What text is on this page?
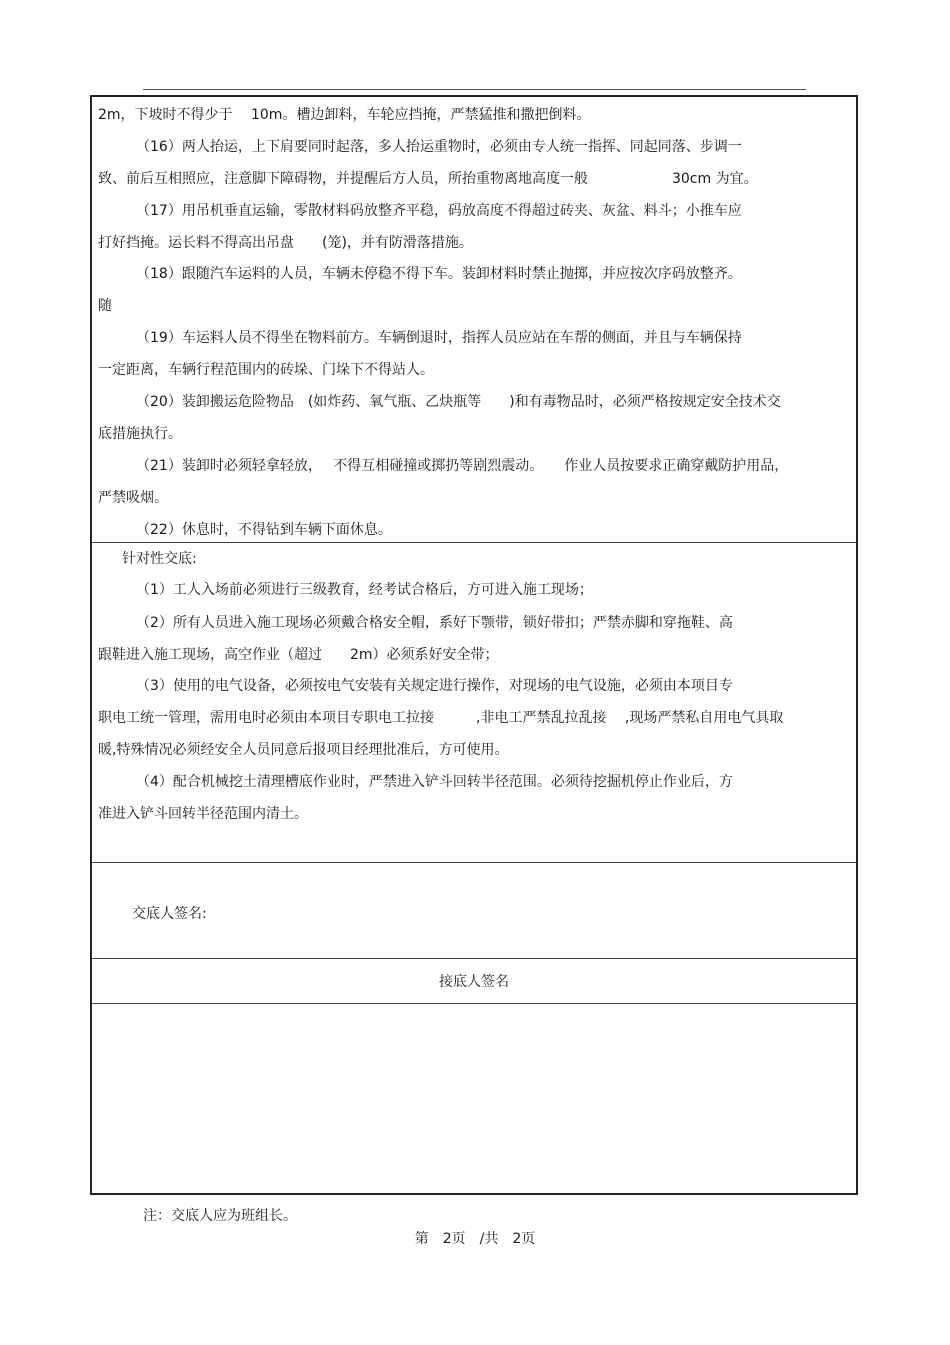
2m，下坡时不得少于　 10m。槽边卸料，车轮应挡掩，严禁猛推和撒把倒料。
（16）两人抬运，上下肩要同时起落，多人抬运重物时，必须由专人统一指挥、同起同落、步调一
致、前后互相照应，注意脚下障碍物，并提醒后方人员，所抬重物离地高度一般　　　　　　30cm 为宜。
（17）用吊机垂直运输，零散材料码放整齐平稳，码放高度不得超过砖夹、灰盆、料斗；小推车应
打好挡掩。运长料不得高出吊盘　　(笼)，并有防滑落措施。
（18）跟随汽车运料的人员，车辆未停稳不得下车。装卸材料时禁止抛掷，并应按次序码放整齐。
随
（19）车运料人员不得坐在物料前方。车辆倒退时，指挥人员应站在车帮的侧面，并且与车辆保持
一定距离，车辆行程范围内的砖垛、门垛下不得站人。
（20）装卸搬运危险物品　(如炸药、氧气瓶、乙炔瓶等　　)和有毒物品时，必须严格按规定安全技术交
底措施执行。
（21）装卸时必须轻拿轻放，　 不得互相碰撞或掷扔等剧烈震动。　　作业人员按要求正确穿戴防护用品，
严禁吸烟。
（22）休息时，不得钻到车辆下面休息。
针对性交底:
（1）工人入场前必须进行三级教育，经考试合格后，方可进入施工现场；
（2）所有人员进入施工现场必须戴合格安全帽，系好下颚带，锁好带扣；严禁赤脚和穿拖鞋、高
跟鞋进入施工现场，高空作业（超过　　2m）必须系好安全带；
（3）使用的电气设备，必须按电气安装有关规定进行操作，对现场的电气设施，必须由本项目专
职电工统一管理，需用电时必须由本项目专职电工拉接　　　,非电工严禁乱拉乱接　 ,现场严禁私自用电气具取
暖,特殊情况必须经安全人员同意后报项目经理批准后，方可使用。
（4）配合机械挖土清理槽底作业时，严禁进入铲斗回转半径范围。必须待挖掘机停止作业后，方
准进入铲斗回转半径范围内清土。
交底人签名:
接底人签名
注：交底人应为班组长。
第　2页　/共　2页
